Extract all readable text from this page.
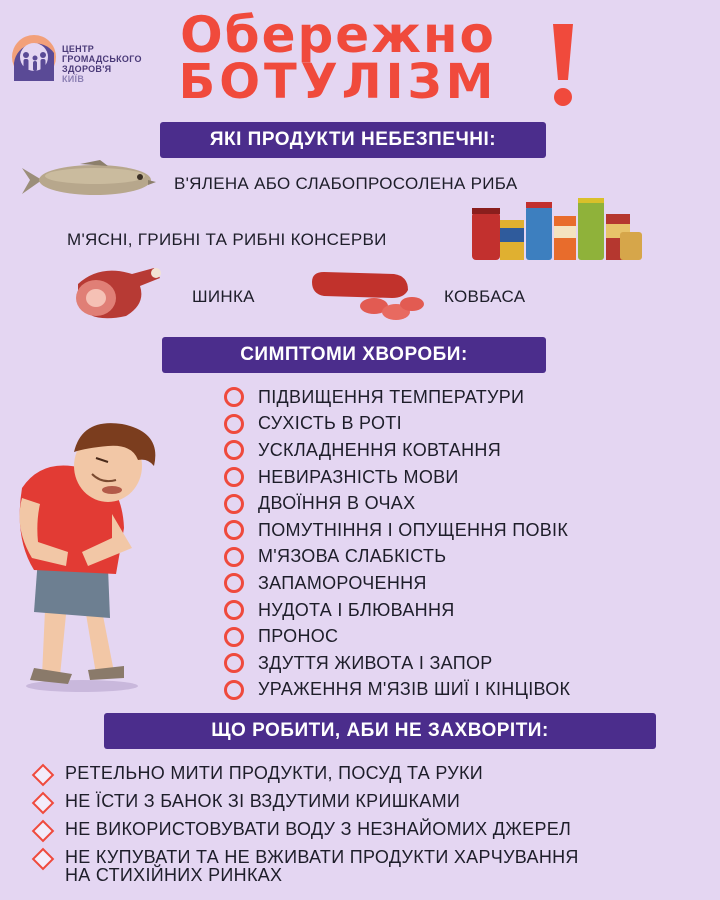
ЦЕНТР
ГРОМАДСЬКОГО
ЗДОРОВ'Я
КИЇВ
Обережно
БОТУЛІЗМ
ЯКІ ПРОДУКТИ НЕБЕЗПЕЧНІ:
В'ЯЛЕНА АБО СЛАБОПРОСОЛЕНА РИБА
М'ЯСНІ, ГРИБНІ ТА РИБНІ КОНСЕРВИ
ШИНКА	КОВБАСА
СИМПТОМИ ХВОРОБИ:
ПІДВИЩЕННЯ ТЕМПЕРАТУРИ
СУХІСТЬ В РОТІ
УСКЛАДНЕННЯ КОВТАННЯ
НЕВИРАЗНІСТЬ МОВИ
ДВОЇННЯ В ОЧАХ
ПОМУТНІННЯ І ОПУЩЕННЯ ПОВІК
М'ЯЗОВА СЛАБКІСТЬ
ЗАПАМОРОЧЕННЯ
НУДОТА І БЛЮВАННЯ
ПРОНОС
ЗДУТТЯ ЖИВОТА І ЗАПОР
УРАЖЕННЯ М'ЯЗІВ ШИЇ І КІНЦІВОК
ЩО РОБИТИ, АБИ НЕ ЗАХВОРІТИ:
РЕТЕЛЬНО МИТИ ПРОДУКТИ, ПОСУД ТА РУКИ
НЕ ЇСТИ З БАНОК ЗІ ВЗДУТИМИ КРИШКАМИ
НЕ ВИКОРИСТОВУВАТИ ВОДУ З НЕЗНАЙОМИХ ДЖЕРЕЛ
НЕ КУПУВАТИ ТА НЕ ВЖИВАТИ ПРОДУКТИ ХАРЧУВАННЯ
НА СТИХІЙНИХ РИНКАХ
